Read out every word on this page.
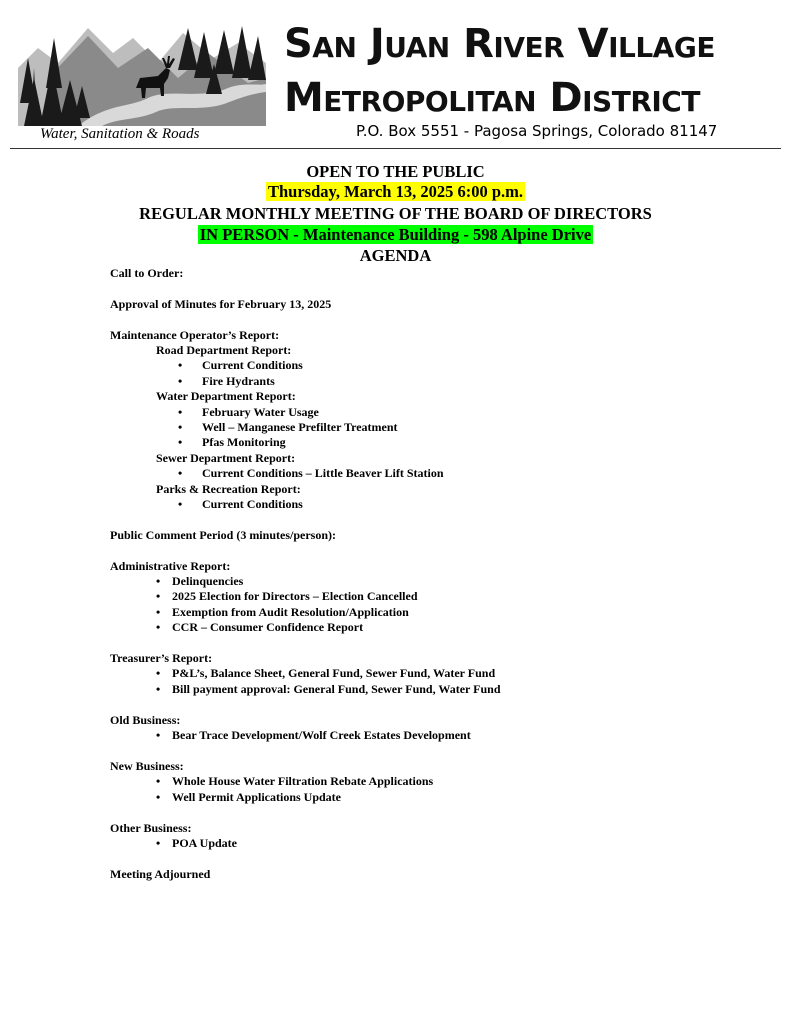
San Juan River Village
Metropolitan District
Water, Sanitation & Roads	P.O. Box 5551 - Pagosa Springs, Colorado 81147
OPEN TO THE PUBLIC
Thursday, March 13, 2025 6:00 p.m.
REGULAR MONTHLY MEETING OF THE BOARD OF DIRECTORS
IN PERSON - Maintenance Building - 598 Alpine Drive
AGENDA
Call to Order:
Approval of Minutes for February 13, 2025
Maintenance Operator’s Report:
Road Department Report:
• Current Conditions
• Fire Hydrants
Water Department Report:
• February Water Usage
• Well – Manganese Prefilter Treatment
• Pfas Monitoring
Sewer Department Report:
• Current Conditions – Little Beaver Lift Station
Parks & Recreation Report:
• Current Conditions
Public Comment Period (3 minutes/person):
Administrative Report:
• Delinquencies
• 2025 Election for Directors – Election Cancelled
• Exemption from Audit Resolution/Application
• CCR – Consumer Confidence Report
Treasurer’s Report:
• P&L’s, Balance Sheet, General Fund, Sewer Fund, Water Fund
• Bill payment approval: General Fund, Sewer Fund, Water Fund
Old Business:
• Bear Trace Development/Wolf Creek Estates Development
New Business:
• Whole House Water Filtration Rebate Applications
• Well Permit Applications Update
Other Business:
• POA Update
Meeting Adjourned
